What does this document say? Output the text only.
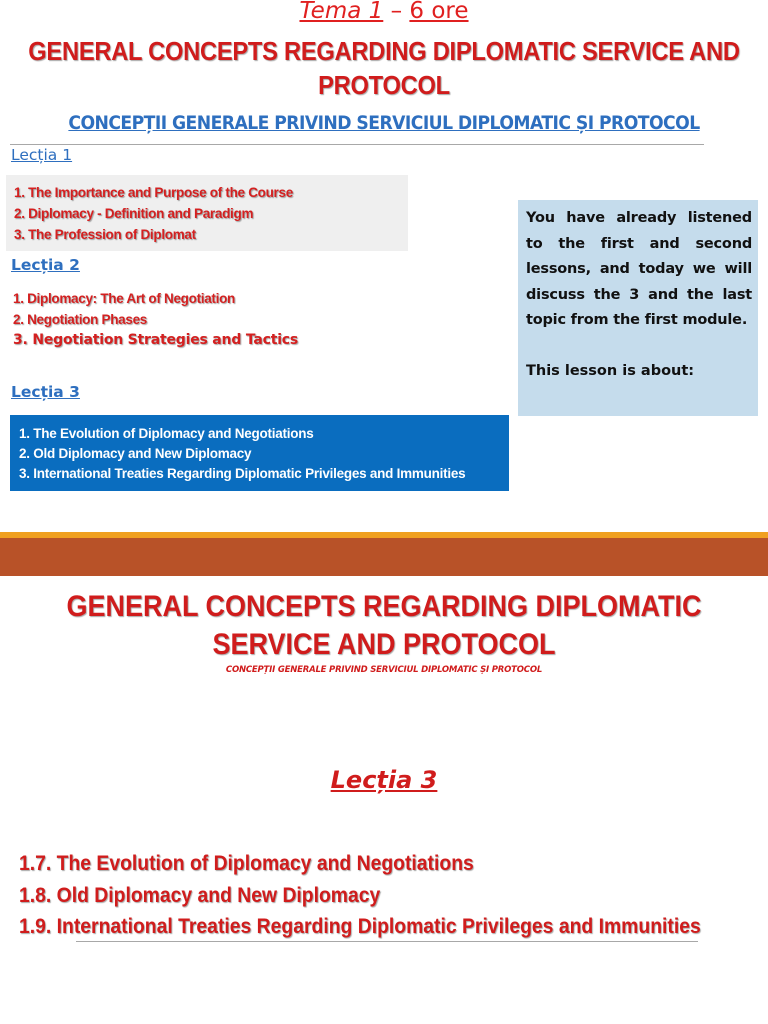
Tema 1 – 6 ore
GENERAL CONCEPTS REGARDING DIPLOMATIC SERVICE AND
PROTOCOL
CONCEPȚII GENERALE PRIVIND SERVICIUL DIPLOMATIC ȘI PROTOCOL
Lecția 1
1. The Importance and Purpose of the Course
2. Diplomacy - Definition and Paradigm
3. The Profession of Diplomat
Lecția 2
1. Diplomacy: The Art of Negotiation
2. Negotiation Phases
3. Negotiation Strategies and Tactics
Lecția 3
1. The Evolution of Diplomacy and Negotiations
2. Old Diplomacy and New Diplomacy
3. International Treaties Regarding Diplomatic Privileges and Immunities

You have already listened to the first and second lessons, and today we will discuss the 3 and the last topic from the first module.

This lesson is about:

GENERAL CONCEPTS REGARDING DIPLOMATIC
SERVICE AND PROTOCOL
CONCEPȚII GENERALE PRIVIND SERVICIUL DIPLOMATIC ȘI PROTOCOL
Lecția 3
1.7. The Evolution of Diplomacy and Negotiations
1.8. Old Diplomacy and New Diplomacy
1.9. International Treaties Regarding Diplomatic Privileges and Immunities
